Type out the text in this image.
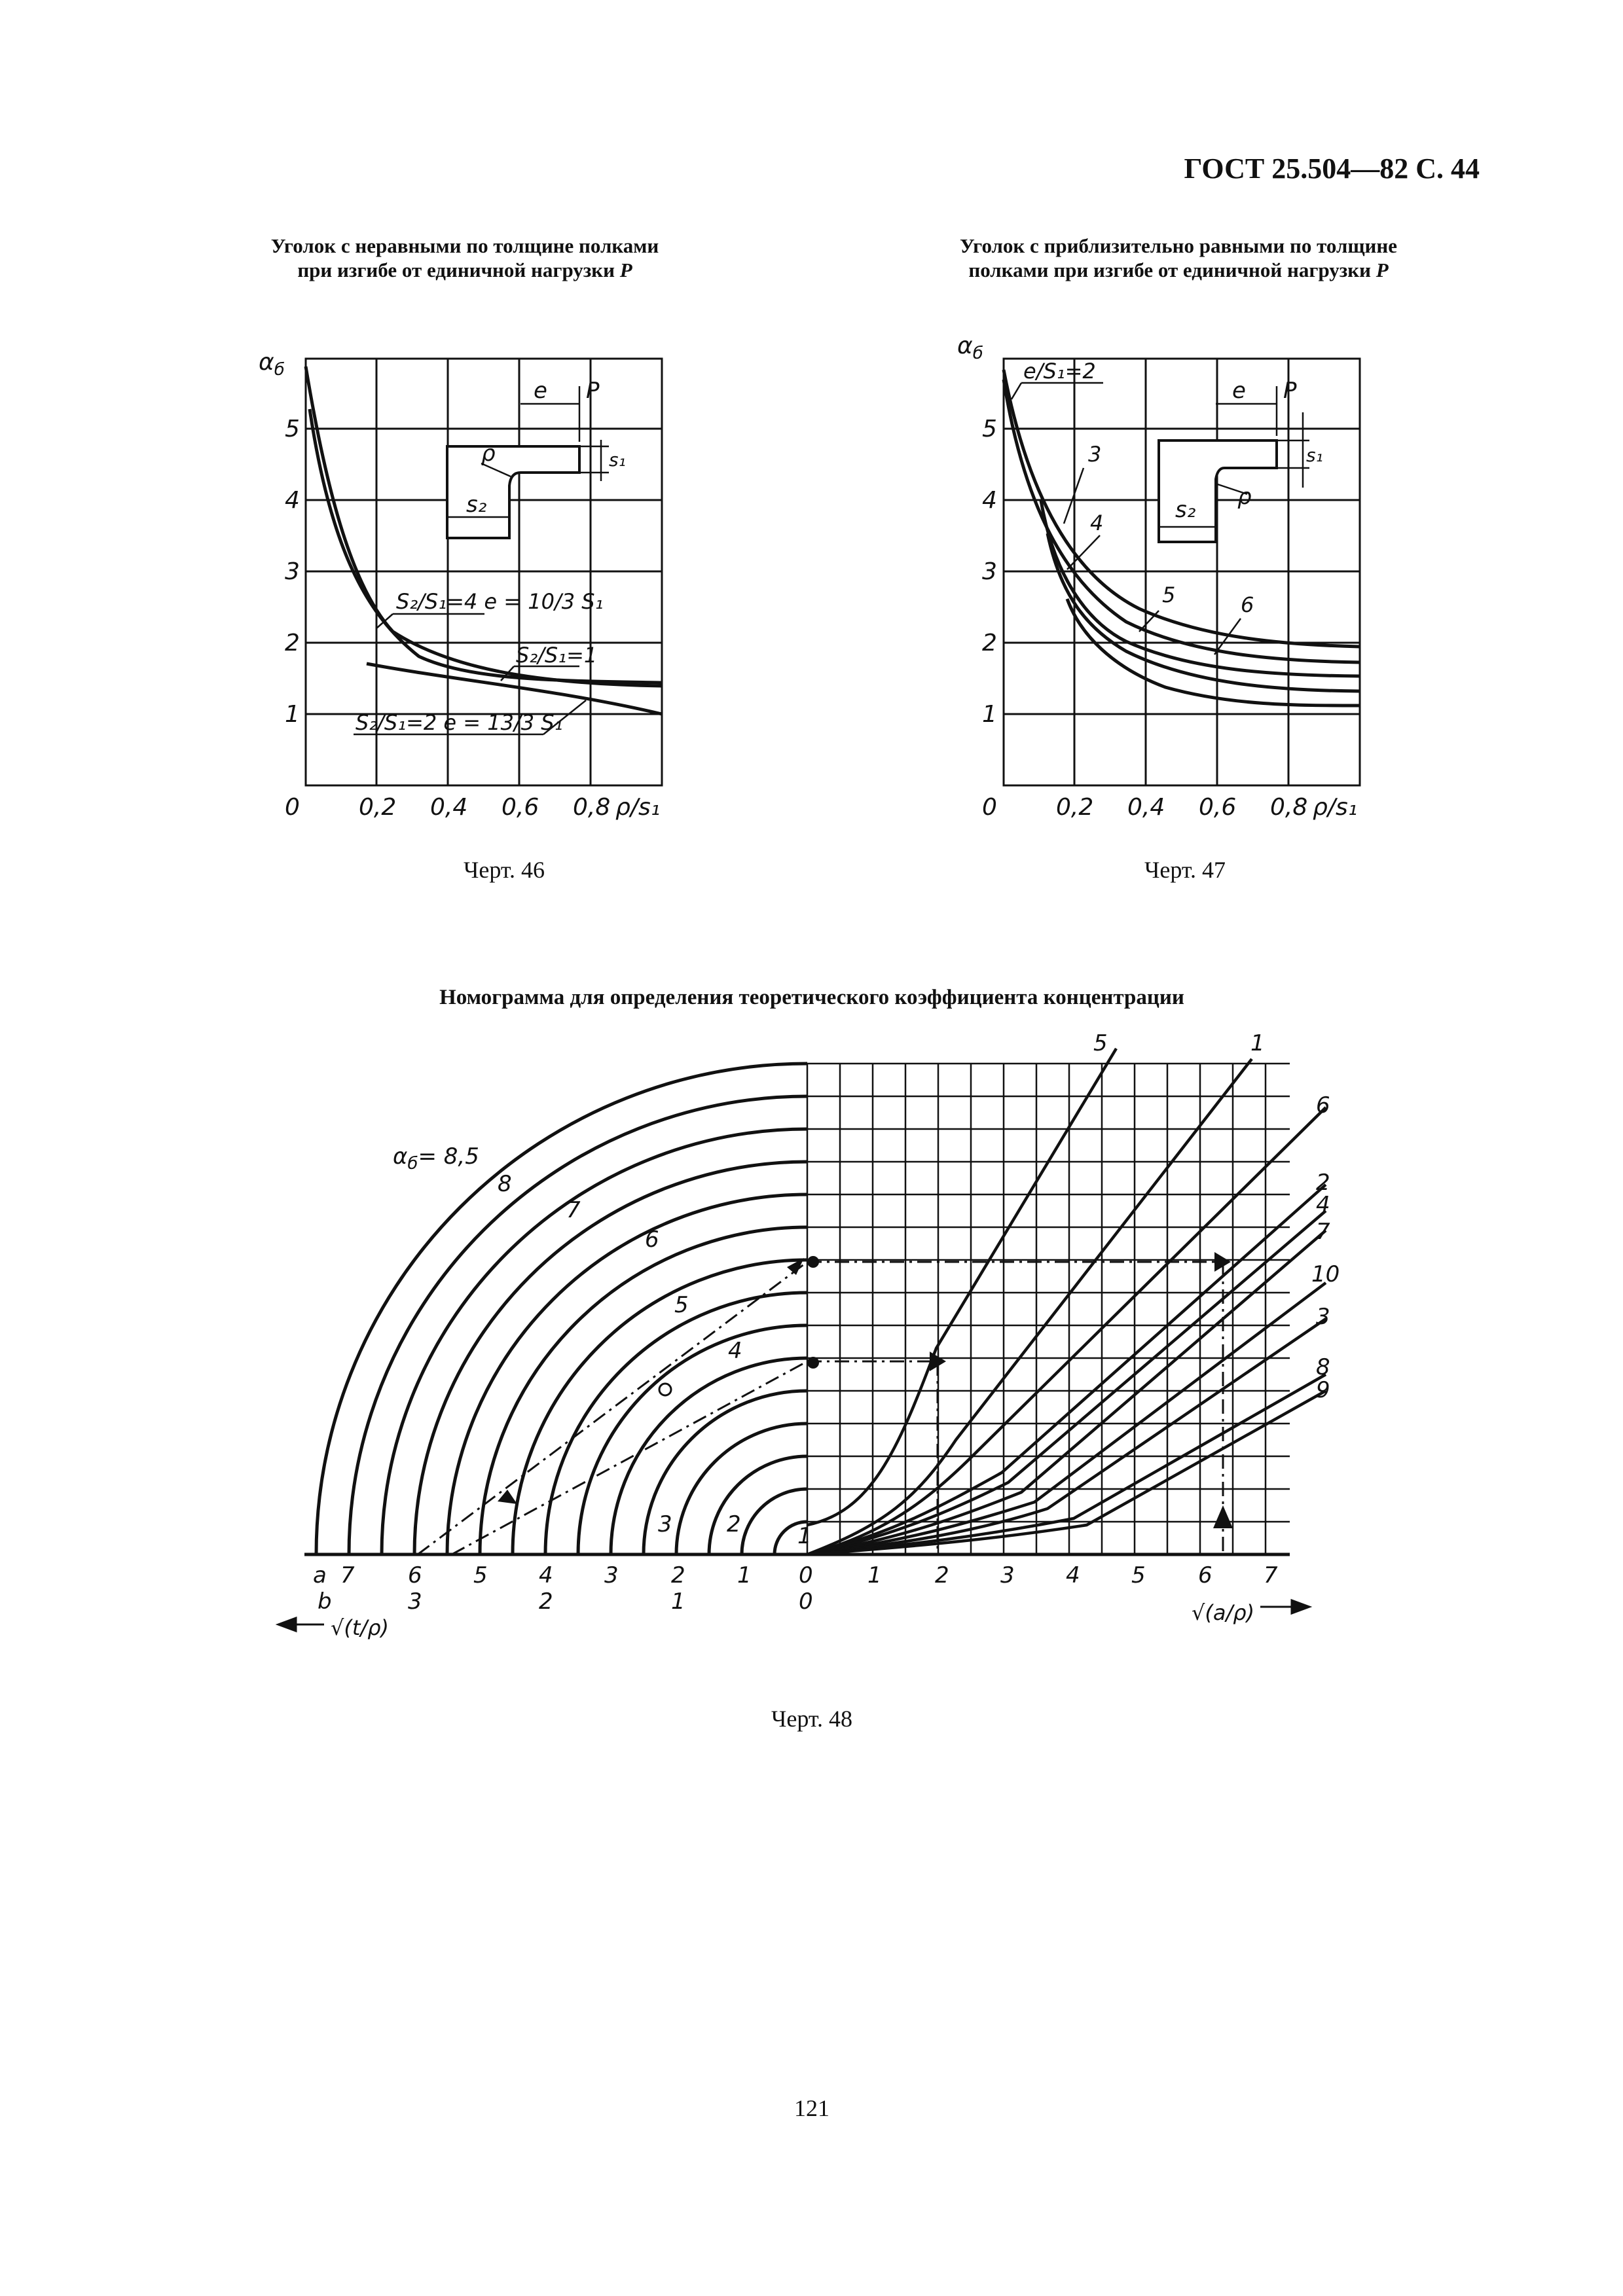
ГОСТ 25.504—82 С. 44
Уголок с неравными по толщине полками
при изгибе от единичной нагрузки P
Уголок с приблизительно равными по толщине
полками при изгибе от единичной нагрузки P
Черт. 46	Черт. 47
Номограмма для определения теоретического коэффициента концентрации
Черт. 48
121
e P
ρ	s₁
s₂
S₂/S₁=4 e = 10/3 S₁
S₂/S₁=1
S₂/S₁=2 e = 13/3 S₁
$\alpha_б$
1
2
3
4
5
0	0,2 0,4 0,6 0,8 ρ/s₁
e P
ρ
s₁
s₂
e/S₁=2
3
4
5	6
$\alpha_б$
1
2
3
4
5
0	0,2 0,4 0,6 0,8 ρ/s₁
$\alpha_б= 8,5$
1
2
3
4
5
6
7
8
5	1
6
2
4
7
10
3
8
9
a 7 6 5 4 3 2 1 0
b	3	2	1	0
√(t/ρ)
1 2 3 4 5 6 7
√(a/ρ)
